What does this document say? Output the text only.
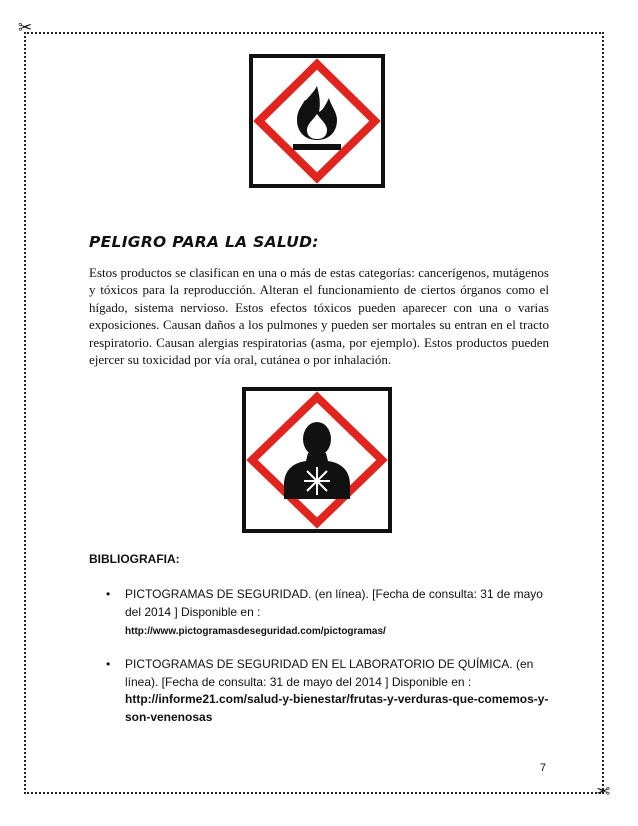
✂
✂
PELIGRO PARA LA SALUD:

Estos productos se clasifican en una o más de estas categorías: cancerígenos, mutágenos y tóxicos para la reproducción. Alteran el funcionamiento de ciertos órganos como el hígado, sistema nervioso. Estos efectos tóxicos pueden aparecer con una o varias exposiciones. Causan daños a los pulmones y pueden ser mortales su entran en el tracto respiratorio. Causan alergias respiratorias (asma, por ejemplo). Estos productos pueden ejercer su toxicidad por vía oral, cutánea o por inhalación.

BIBLIOGRAFIA:
• PICTOGRAMAS DE SEGURIDAD. (en línea). [Fecha de consulta: 31 de mayo del 2014 ] Disponible en :
http://www.pictogramasdeseguridad.com/pictogramas/
• PICTOGRAMAS DE SEGURIDAD EN EL LABORATORIO DE QUÍMICA. (en línea). [Fecha de consulta: 31 de mayo del 2014 ] Disponible en :
http://informe21.com/salud-y-bienestar/frutas-y-verduras-que-comemos-y-son-venenosas
7
